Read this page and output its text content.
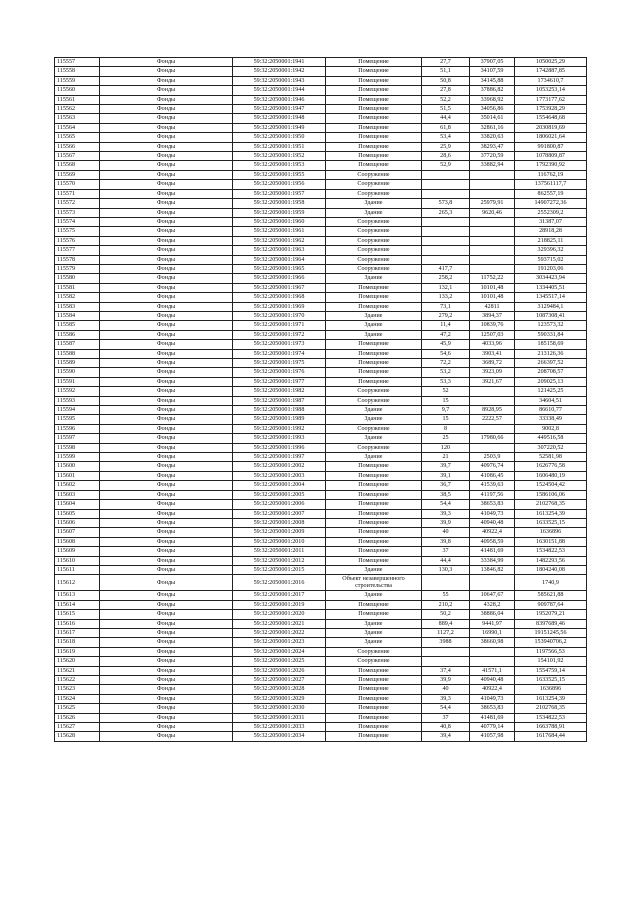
115557	Фонды	59:32:2050001:1941	Помещение	27,7	37907,05	1050025,29
115558	Фонды	59:32:2050001:1942	Помещение	51,1	34107,59	1742887,85
115559	Фонды	59:32:2050001:1943	Помещение	50,8	34145,88	1734610,7
115560	Фонды	59:32:2050001:1944	Помещение	27,8	37886,82	1053253,14
115561	Фонды	59:32:2050001:1946	Помещение	52,2	33968,92	1773177,62
115562	Фонды	59:32:2050001:1947	Помещение	51,5	34056,86	1753928,29
115563	Фонды	59:32:2050001:1948	Помещение	44,4	35014,61	1554648,68
115564	Фонды	59:32:2050001:1949	Помещение	61,8	32861,16	2030819,69
115565	Фонды	59:32:2050001:1950	Помещение	53,4	33820,63	1806021,64
115566	Фонды	59:32:2050001:1951	Помещение	25,9	38293,47	991800,87
115567	Фонды	59:32:2050001:1952	Помещение	28,6	37720,59	1078809,87
115568	Фонды	59:32:2050001:1953	Помещение	52,9	33882,94	1792390,92
115569	Фонды	59:32:2050001:1955	Сооружение			116762,19
115570	Фонды	59:32:2050001:1956	Сооружение			137561117,7
115571	Фонды	59:32:2050001:1957	Сооружение			862557,19
115572	Фонды	59:32:2050001:1958	Здание	573,8	25979,91	14907272,36
115573	Фонды	59:32:2050001:1959	Здание	265,3	9620,46	2552309,2
115574	Фонды	59:32:2050001:1960	Сооружение			31387,07
115575	Фонды	59:32:2050001:1961	Сооружение			28918,28
115576	Фонды	59:32:2050001:1962	Сооружение			218825,11
115577	Фонды	59:32:2050001:1963	Сооружение			329396,32
115578	Фонды	59:32:2050001:1964	Сооружение			593715,02
115579	Фонды	59:32:2050001:1965	Сооружение	417,7		191203,06
115580	Фонды	59:32:2050001:1966	Здание	258,2	11752,22	3034423,94
115581	Фонды	59:32:2050001:1967	Помещение	132,1	10101,48	1334405,51
115582	Фонды	59:32:2050001:1968	Помещение	133,2	10101,48	1345517,14
115583	Фонды	59:32:2050001:1969	Помещение	73,1	42811	3129484,1
115584	Фонды	59:32:2050001:1970	Здание	279,2	3894,37	1087308,41
115585	Фонды	59:32:2050001:1971	Здание	11,4	10839,76	123573,32
115586	Фонды	59:32:2050001:1972	Здание	47,2	12507,03	590331,84
115587	Фонды	59:32:2050001:1973	Помещение	45,9	4033,96	185158,69
115588	Фонды	59:32:2050001:1974	Помещение	54,6	3903,41	213126,36
115589	Фонды	59:32:2050001:1975	Помещение	72,2	3689,72	266397,52
115590	Фонды	59:32:2050001:1976	Помещение	53,2	3923,09	208708,57
115591	Фонды	59:32:2050001:1977	Помещение	53,3	3921,67	209025,13
115592	Фонды	59:32:2050001:1982	Сооружение	52		121425,25
115593	Фонды	59:32:2050001:1987	Сооружение	15		34604,51
115594	Фонды	59:32:2050001:1988	Здание	9,7	8928,95	86610,77
115595	Фонды	59:32:2050001:1989	Здание	15	2222,57	33338,49
115596	Фонды	59:32:2050001:1992	Сооружение	8		9002,8
115597	Фонды	59:32:2050001:1993	Здание	25	17980,66	449516,58
115598	Фонды	59:32:2050001:1996	Сооружение	120		307220,52
115599	Фонды	59:32:2050001:1997	Здание	21	2503,9	52581,98
115600	Фонды	59:32:2050001:2002	Помещение	39,7	40976,74	1626776,58
115601	Фонды	59:32:2050001:2003	Помещение	39,1	41086,45	1606480,19
115602	Фонды	59:32:2050001:2004	Помещение	36,7	41539,63	1524504,42
115603	Фонды	59:32:2050001:2005	Помещение	38,5	41197,56	1586106,06
115604	Фонды	59:32:2050001:2006	Помещение	54,4	38653,83	2102768,35
115605	Фонды	59:32:2050001:2007	Помещение	39,3	41049,73	1613254,39
115606	Фонды	59:32:2050001:2008	Помещение	39,9	40940,48	1633525,15
115607	Фонды	59:32:2050001:2009	Помещение	40	40922,4	1636896
115608	Фонды	59:32:2050001:2010	Помещение	39,8	40958,59	1630151,88
115609	Фонды	59:32:2050001:2011	Помещение	37	41481,69	1534822,53
115610	Фонды	59:32:2050001:2012	Помещение	44,4	33384,99	1482293,56
115611	Фонды	59:32:2050001:2015	Здание	130,3	13846,82	1804240,08
115612	Фонды	59:32:2050001:2016	Объект незавершенного строительства			1740,9
115613	Фонды	59:32:2050001:2017	Здание	55	10647,67	585621,88
115614	Фонды	59:32:2050001:2019	Помещение	210,2	4328,2	909787,64
115615	Фонды	59:32:2050001:2020	Помещение	50,2	38886,04	1952079,21
115616	Фонды	59:32:2050001:2021	Здание	889,4	9441,97	8397689,46
115617	Фонды	59:32:2050001:2022	Здание	1127,2	16990,1	19151245,56
115618	Фонды	59:32:2050001:2023	Здание	3988	38660,98	153940706,2
115619	Фонды	59:32:2050001:2024	Сооружение			1197566,53
115620	Фонды	59:32:2050001:2025	Сооружение			154101,92
115621	Фонды	59:32:2050001:2026	Помещение	37,4	41571,1	1554759,14
115622	Фонды	59:32:2050001:2027	Помещение	39,9	40940,48	1633525,15
115623	Фонды	59:32:2050001:2028	Помещение	40	40922,4	1636896
115624	Фонды	59:32:2050001:2029	Помещение	39,3	41049,73	1613254,39
115625	Фонды	59:32:2050001:2030	Помещение	54,4	38653,83	2102768,35
115626	Фонды	59:32:2050001:2031	Помещение	37	41481,69	1534822,53
115627	Фонды	59:32:2050001:2033	Помещение	40,8	40779,14	1663788,91
115628	Фонды	59:32:2050001:2034	Помещение	39,4	41057,98	1617684,44
